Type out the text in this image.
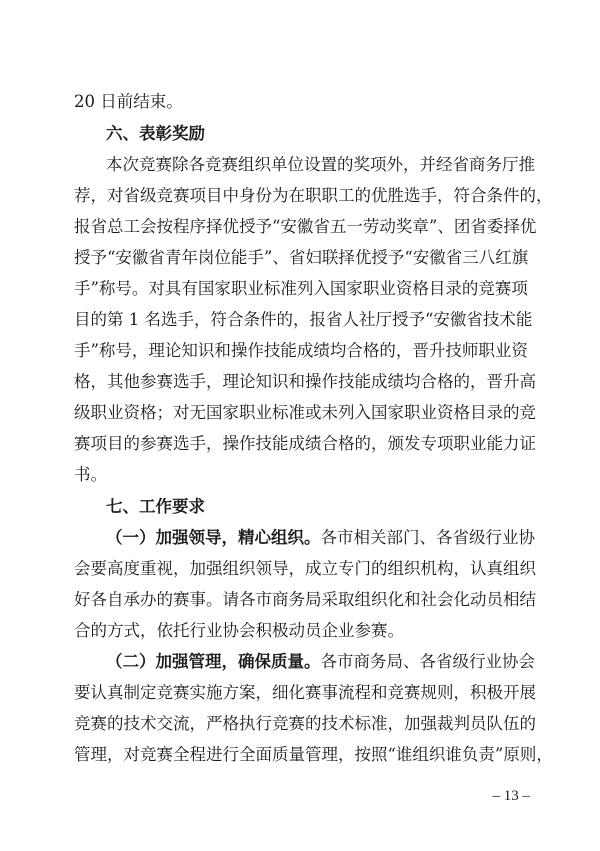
20 日前结束。
六、表彰奖励
本次竞赛除各竞赛组织单位设置的奖项外，并经省商务厅推
荐，对省级竞赛项目中身份为在职职工的优胜选手，符合条件的，
报省总工会按程序择优授予“安徽省五一劳动奖章”、团省委择优
授予“安徽省青年岗位能手”、省妇联择优授予“安徽省三八红旗
手”称号。对具有国家职业标准列入国家职业资格目录的竞赛项
目的第 1 名选手，符合条件的，报省人社厅授予“安徽省技术能
手”称号，理论知识和操作技能成绩均合格的，晋升技师职业资
格，其他参赛选手，理论知识和操作技能成绩均合格的，晋升高
级职业资格；对无国家职业标准或未列入国家职业资格目录的竞
赛项目的参赛选手，操作技能成绩合格的，颁发专项职业能力证
书。
七、工作要求
（一）加强领导，精心组织。各市相关部门、各省级行业协
会要高度重视，加强组织领导，成立专门的组织机构，认真组织
好各自承办的赛事。请各市商务局采取组织化和社会化动员相结
合的方式，依托行业协会积极动员企业参赛。
（二）加强管理，确保质量。各市商务局、各省级行业协会
要认真制定竞赛实施方案，细化赛事流程和竞赛规则，积极开展
竞赛的技术交流，严格执行竞赛的技术标准，加强裁判员队伍的
管理，对竞赛全程进行全面质量管理，按照“谁组织谁负责”原则，
– 13 –
